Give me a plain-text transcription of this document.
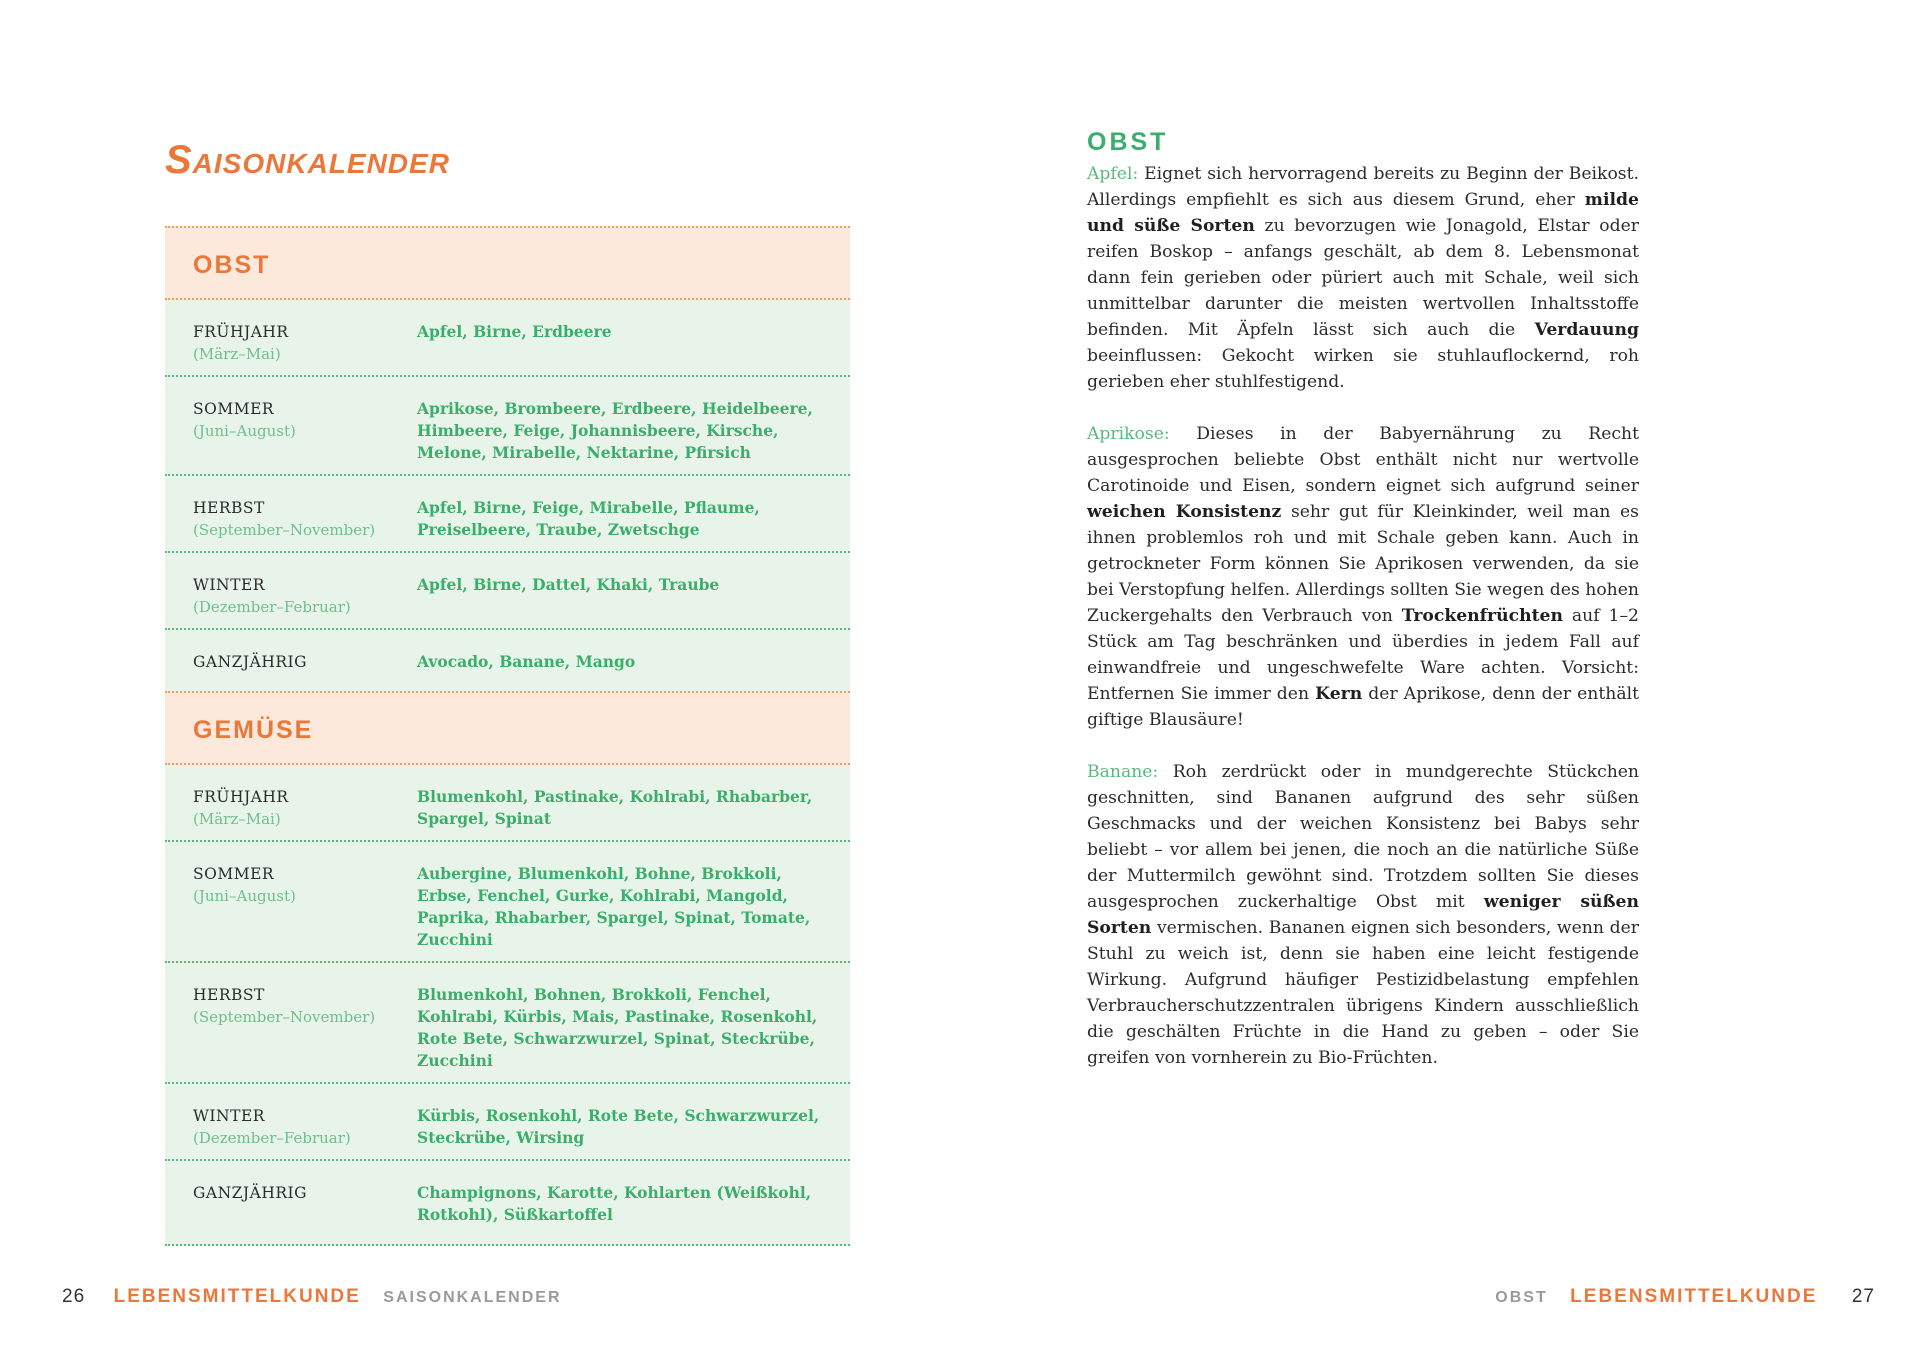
Saisonkalender
OBST
FRÜHJAHR
(März–Mai)
Apfel, Birne, Erdbeere
SOMMER
(Juni–August)
Aprikose, Brombeere, Erdbeere, Heidelbeere, Himbeere, Feige, Johannisbeere, Kirsche, Melone, Mirabelle, Nektarine, Pfirsich
HERBST
(September–November)
Apfel, Birne, Feige, Mirabelle, Pflaume, Preiselbeere, Traube, Zwetschge
WINTER
(Dezember–Februar)
Apfel, Birne, Dattel, Khaki, Traube
GANZJÄHRIG	Avocado, Banane, Mango
GEMÜSE
FRÜHJAHR
(März–Mai)
Blumenkohl, Pastinake, Kohlrabi, Rhabarber, Spargel, Spinat
SOMMER
(Juni–August)
Aubergine, Blumenkohl, Bohne, Brokkoli, Erbse, Fenchel, Gurke, Kohlrabi, Mangold, Paprika, Rhabarber, Spargel, Spinat, Tomate, Zucchini
HERBST
(September–November)
Blumenkohl, Bohnen, Brokkoli, Fenchel, Kohlrabi, Kürbis, Mais, Pastinake, Rosenkohl, Rote Bete, Schwarzwurzel, Spinat, Steckrübe, Zucchini
WINTER
(Dezember–Februar)
Kürbis, Rosenkohl, Rote Bete, Schwarzwurzel, Steckrübe, Wirsing
GANZJÄHRIG	Champignons, Karotte, Kohlarten (Weißkohl, Rotkohl), Süßkartoffel
26 LEBENSMITTELKUNDE SAISONKALENDER
OBST

Apfel: Eignet sich hervorragend bereits zu Beginn der Beikost. Allerdings empfiehlt es sich aus diesem Grund, eher milde und süße Sorten zu bevorzugen wie Jonagold, Elstar oder reifen Boskop – anfangs geschält, ab dem 8. Lebensmonat dann fein gerieben oder püriert auch mit Schale, weil sich unmittelbar darunter die meisten wertvollen Inhaltsstoffe befinden. Mit Äpfeln lässt sich auch die Verdauung beeinflussen: Gekocht wirken sie stuhlauflockernd, roh gerieben eher stuhlfestigend.

Aprikose: Dieses in der Babyernährung zu Recht ausgesprochen beliebte Obst enthält nicht nur wertvolle Carotinoide und Eisen, sondern eignet sich aufgrund seiner weichen Konsistenz sehr gut für Kleinkinder, weil man es ihnen problemlos roh und mit Schale geben kann. Auch in getrockneter Form können Sie Aprikosen verwenden, da sie bei Verstopfung helfen. Allerdings sollten Sie wegen des hohen Zuckergehalts den Verbrauch von Trockenfrüchten auf 1–2 Stück am Tag beschränken und überdies in jedem Fall auf einwandfreie und ungeschwefelte Ware achten. Vorsicht: Entfernen Sie immer den Kern der Aprikose, denn der enthält giftige Blausäure!

Banane: Roh zerdrückt oder in mundgerechte Stückchen geschnitten, sind Bananen aufgrund des sehr süßen Geschmacks und der weichen Konsistenz bei Babys sehr beliebt – vor allem bei jenen, die noch an die natürliche Süße der Muttermilch gewöhnt sind. Trotzdem sollten Sie dieses ausgesprochen zuckerhaltige Obst mit weniger süßen Sorten vermischen. Bananen eignen sich besonders, wenn der Stuhl zu weich ist, denn sie haben eine leicht festigende Wirkung. Aufgrund häufiger Pestizidbelastung empfehlen Verbraucherschutzzentralen übrigens Kindern ausschließlich die geschälten Früchte in die Hand zu geben – oder Sie greifen von vornherein zu Bio-Früchten.

OBST LEBENSMITTELKUNDE 27
